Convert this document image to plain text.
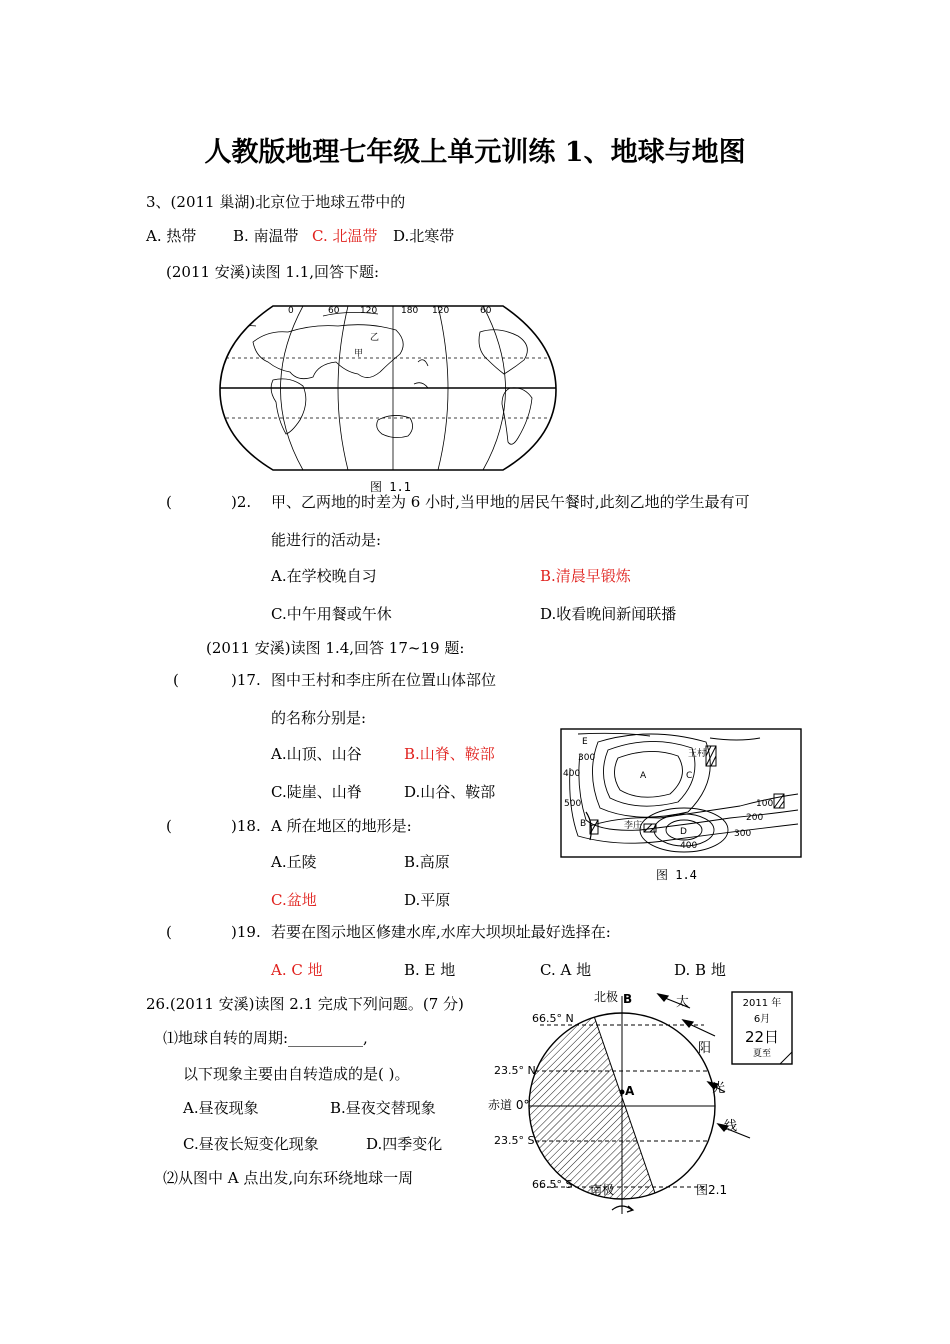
人教版地理七年级上单元训练 1、地球与地图
3、(2011 巢湖)北京位于地球五带中的
A. 热带 B. 南温带 C. 北温带 D.北寒带
(2011 安溪)读图 1.1,回答下题:
0	60 120	180 120	60
甲
乙
图 1.1
(	)2. 甲、乙两地的时差为 6 小时,当甲地的居民午餐时,此刻乙地的学生最有可
能进行的活动是:
A.在学校晚自习	B.清晨早锻炼
C.中午用餐或午休	D.收看晚间新闻联播
(2011 安溪)读图 1.4,回答 17~19 题:
(	)17. 图中王村和李庄所在位置山体部位
的名称分别是:
A.山顶、山谷	B.山脊、鞍部
C.陡崖、山脊	D.山谷、鞍部
(	)18. A 所在地区的地形是:
A.丘陵	B.高原
C.盆地	D.平原
(	)19. 若要在图示地区修建水库,水库大坝坝址最好选择在:
A. C 地	B. E 地	C. A 地	D. B 地
E
C
A
B
D
王村
李庄
300
400
500	100
200
300
400
图 1.4
26.(2011 安溪)读图 2.1 完成下列问题。(7 分)
⑴地球自转的周期:__________,
以下现象主要由自转造成的是( )。
A.昼夜现象	B.昼夜交替现象
C.昼夜长短变化现象	D.四季变化
⑵从图中 A 点出发,向东环绕地球一周
北极 B
A
66.5° N
23.5° N
赤道 0°
23.5° S
66.5° S 南极
太
阳
光
线
2011 年
6月
22日
夏至
图2.1
